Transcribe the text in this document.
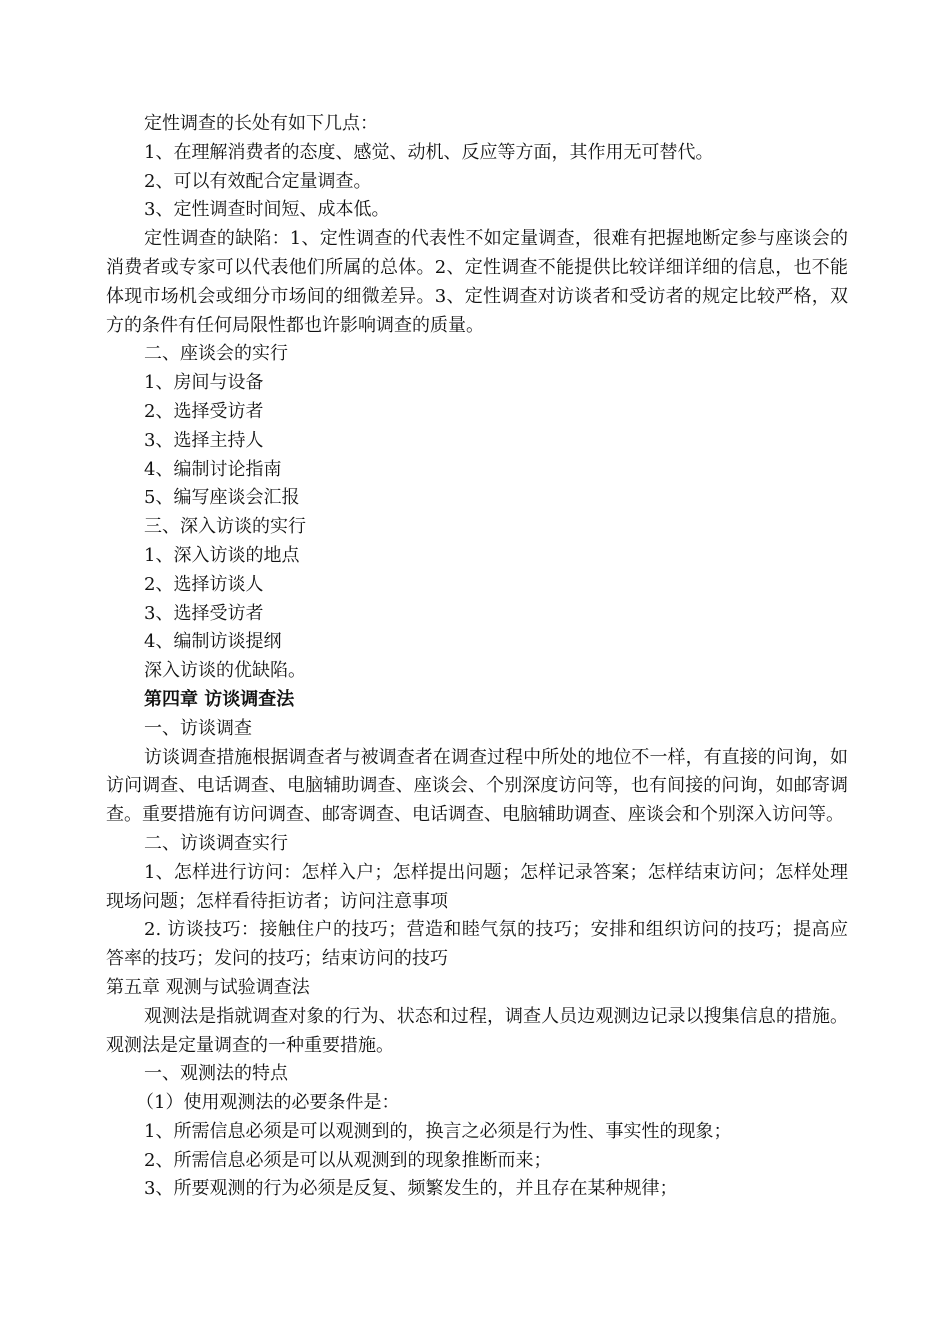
定性调查的长处有如下几点：

1、在理解消费者的态度、感觉、动机、反应等方面，其作用无可替代。

2、可以有效配合定量调查。

3、定性调查时间短、成本低。

定性调查的缺陷：1、定性调查的代表性不如定量调查，很难有把握地断定参与座谈会的消费者或专家可以代表他们所属的总体。2、定性调查不能提供比较详细详细的信息，也不能体现市场机会或细分市场间的细微差异。3、定性调查对访谈者和受访者的规定比较严格，双方的条件有任何局限性都也许影响调查的质量。

二、座谈会的实行

1、房间与设备

2、选择受访者

3、选择主持人

4、编制讨论指南

5、编写座谈会汇报

三、深入访谈的实行

1、深入访谈的地点

2、选择访谈人

3、选择受访者

4、编制访谈提纲

深入访谈的优缺陷。

第四章 访谈调查法

一、访谈调查

访谈调查措施根据调查者与被调查者在调查过程中所处的地位不一样，有直接的问询，如访问调查、电话调查、电脑辅助调查、座谈会、个别深度访问等，也有间接的问询，如邮寄调查。重要措施有访问调查、邮寄调查、电话调查、电脑辅助调查、座谈会和个别深入访问等。

二、访谈调查实行

1、怎样进行访问：怎样入户；怎样提出问题；怎样记录答案；怎样结束访问；怎样处理现场问题；怎样看待拒访者；访问注意事项

2. 访谈技巧：接触住户的技巧；营造和睦气氛的技巧；安排和组织访问的技巧；提高应答率的技巧；发问的技巧；结束访问的技巧

第五章 观测与试验调查法

观测法是指就调查对象的行为、状态和过程，调查人员边观测边记录以搜集信息的措施。观测法是定量调查的一种重要措施。

一、观测法的特点

（1）使用观测法的必要条件是：

1、所需信息必须是可以观测到的，换言之必须是行为性、事实性的现象；

2、所需信息必须是可以从观测到的现象推断而来；

3、所要观测的行为必须是反复、频繁发生的，并且存在某种规律；
